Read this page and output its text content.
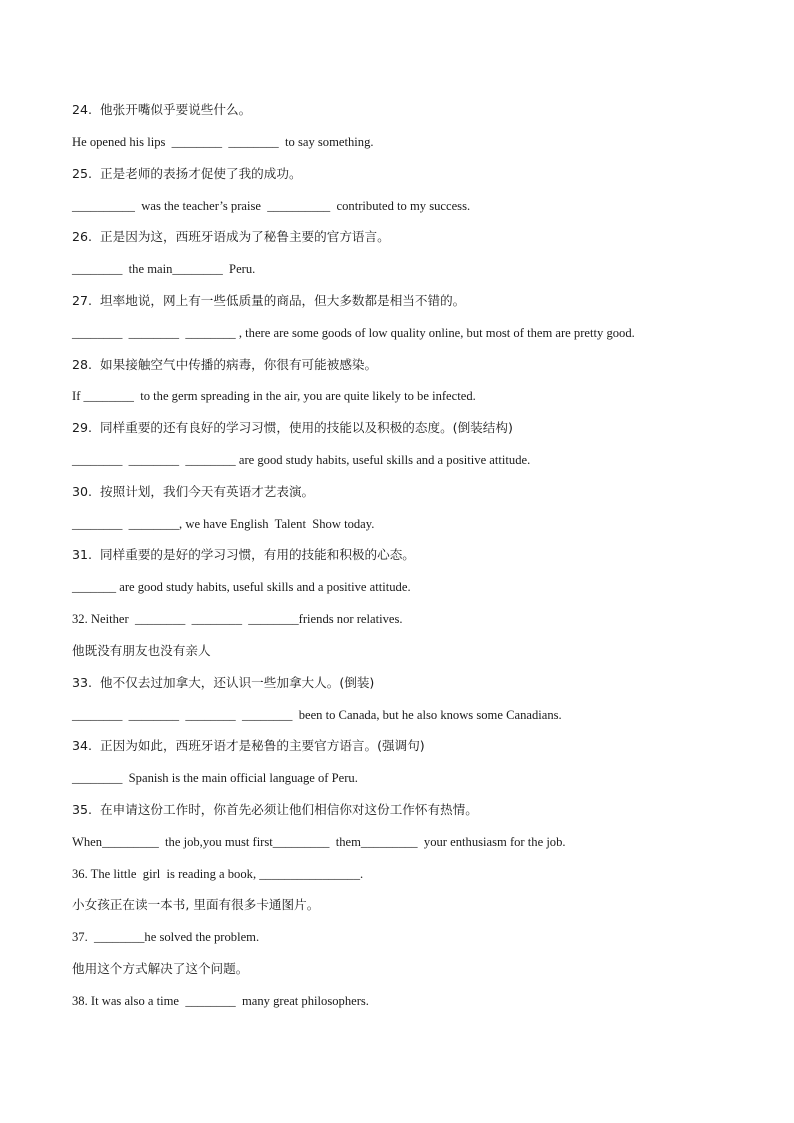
24.  他张开嘴似乎要说些什么。
He opened his lips  ________  ________  to say something.
25.  正是老师的表扬才促使了我的成功。
__________  was the teacher’s praise  __________  contributed to my success.
26.  正是因为这，西班牙语成为了秘鲁主要的官方语言。
________  the main________  Peru.
27.  坦率地说，网上有一些低质量的商品，但大多数都是相当不错的。
________  ________  ________ , there are some goods of low quality online, but most of them are pretty good.
28.  如果接触空气中传播的病毒，你很有可能被感染。
If ________  to the germ spreading in the air, you are quite likely to be infected.
29.  同样重要的还有良好的学习习惯，使用的技能以及积极的态度。(倒装结构)
________  ________  ________ are good study habits, useful skills and a positive attitude.
30.  按照计划，我们今天有英语才艺表演。
________  ________, we have English  Talent  Show today.
31.  同样重要的是好的学习习惯，有用的技能和积极的心态。
_______ are good study habits, useful skills and a positive attitude.
32. Neither  ________  ________  ________friends nor relatives.
他既没有朋友也没有亲人
33.  他不仅去过加拿大，还认识一些加拿大人。(倒装)
________  ________  ________  ________  been to Canada, but he also knows some Canadians.
34.  正因为如此，西班牙语才是秘鲁的主要官方语言。(强调句)
________  Spanish is the main official language of Peru.
35.  在申请这份工作时，你首先必须让他们相信你对这份工作怀有热情。
When_________  the job,you must first_________  them_________  your enthusiasm for the job.
36. The little  girl  is reading a book, ________________.
小女孩正在读一本书, 里面有很多卡通图片。
37.  ________he solved the problem.
他用这个方式解决了这个问题。
38. It was also a time  ________  many great philosophers.
